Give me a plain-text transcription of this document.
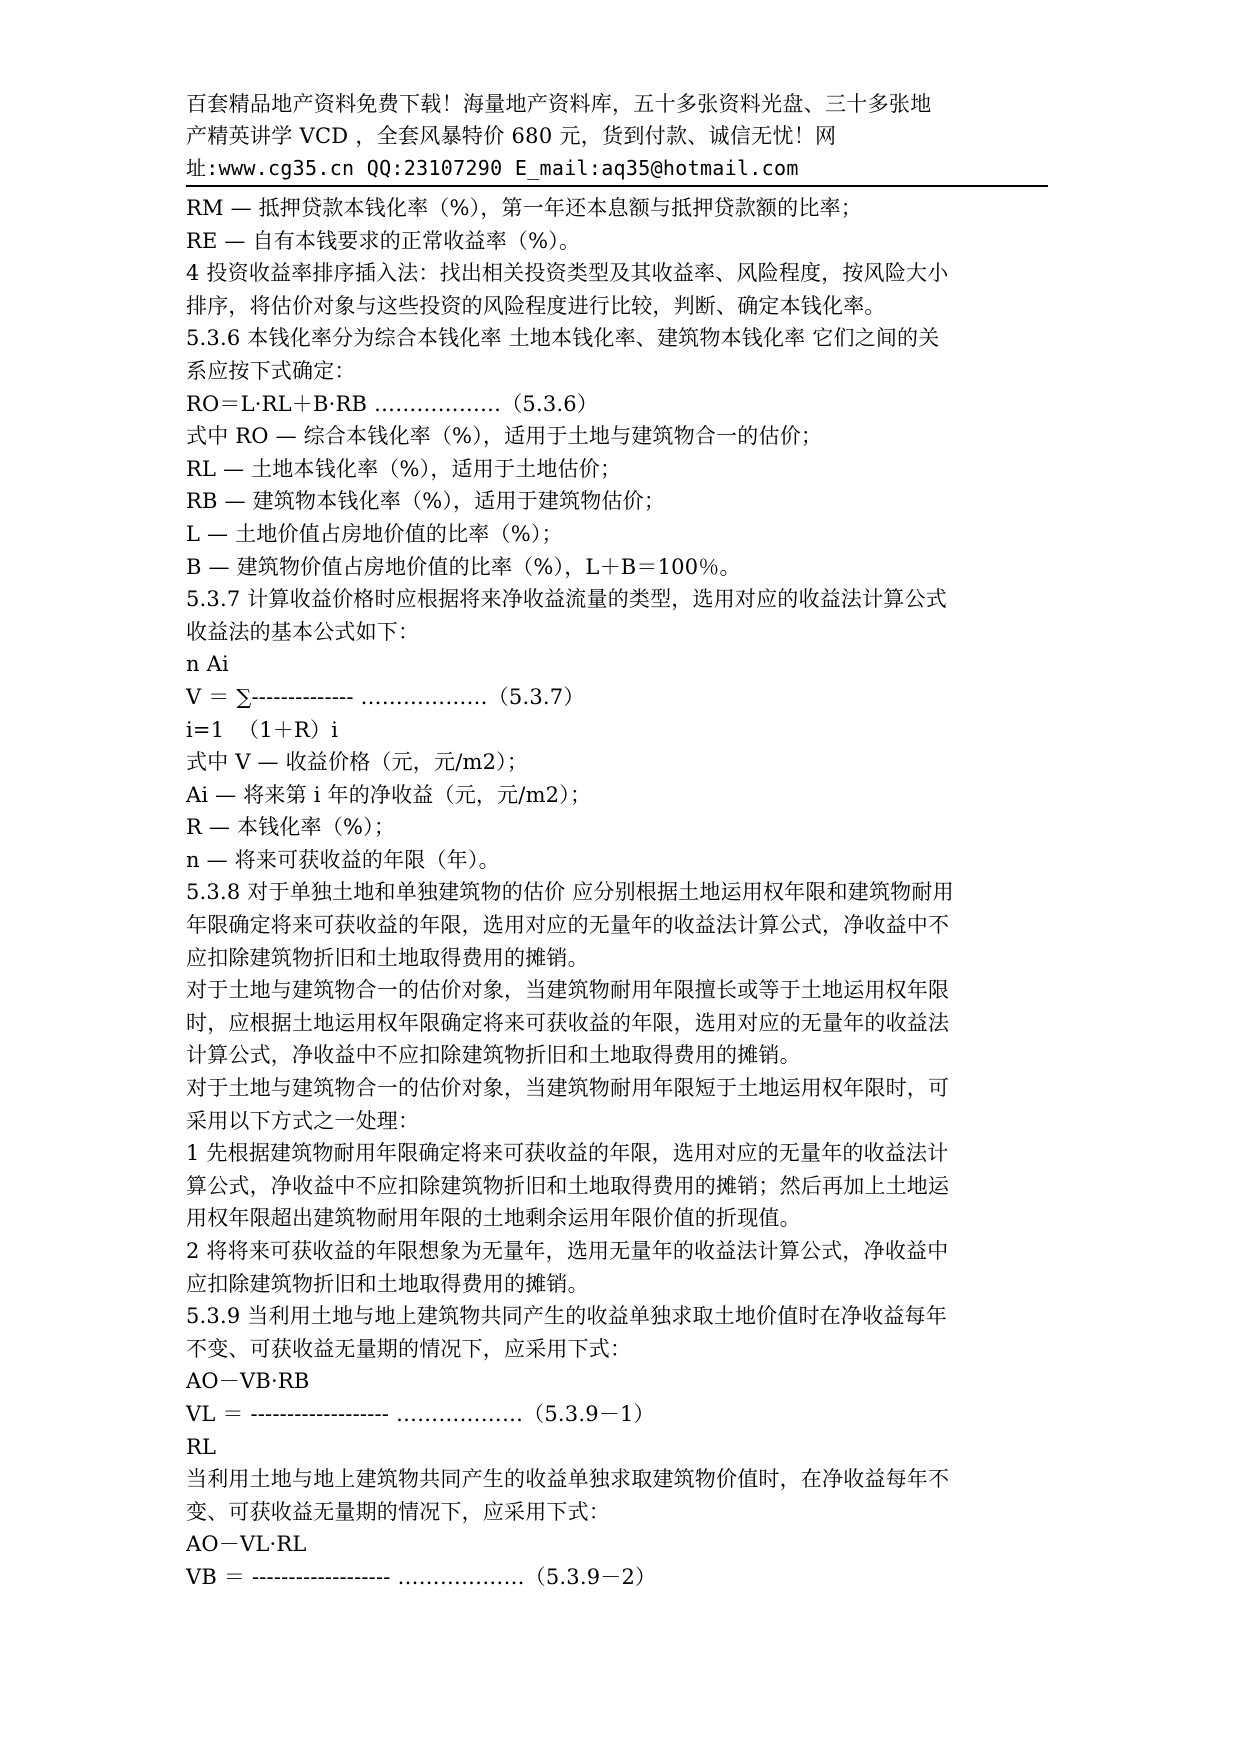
百套精品地产资料免费下载！海量地产资料库，五十多张资料光盘、三十多张地
产精英讲学 VCD ，全套风暴特价 680 元，货到付款、诚信无忧！网
址:www.cg35.cn QQ:23107290 E_mail:aq35@hotmail.com
RM — 抵押贷款本钱化率（%），第一年还本息额与抵押贷款额的比率；
RE — 自有本钱要求的正常收益率（%）。
4 投资收益率排序插入法：找出相关投资类型及其收益率、风险程度，按风险大小
排序，将估价对象与这些投资的风险程度进行比较，判断、确定本钱化率。
5.3.6 本钱化率分为综合本钱化率 土地本钱化率、建筑物本钱化率 它们之间的关
系应按下式确定：
RO＝L·RL＋B·RB ………………（5.3.6）
式中 RO — 综合本钱化率（%），适用于土地与建筑物合一的估价；
RL — 土地本钱化率（%），适用于土地估价；
RB — 建筑物本钱化率（%），适用于建筑物估价；
L — 土地价值占房地价值的比率（%）；
B — 建筑物价值占房地价值的比率（%），L＋B＝100％。
5.3.7 计算收益价格时应根据将来净收益流量的类型，选用对应的收益法计算公式
收益法的基本公式如下：
n Ai
V ＝ ∑-------------- ………………（5.3.7）
i=1  （1＋R）i
式中 V — 收益价格（元，元/m2）；
Ai — 将来第 i 年的净收益（元，元/m2）；
R — 本钱化率（%）；
n — 将来可获收益的年限（年）。
5.3.8 对于单独土地和单独建筑物的估价 应分别根据土地运用权年限和建筑物耐用
年限确定将来可获收益的年限，选用对应的无量年的收益法计算公式，净收益中不
应扣除建筑物折旧和土地取得费用的摊销。
对于土地与建筑物合一的估价对象，当建筑物耐用年限擅长或等于土地运用权年限
时，应根据土地运用权年限确定将来可获收益的年限，选用对应的无量年的收益法
计算公式，净收益中不应扣除建筑物折旧和土地取得费用的摊销。
对于土地与建筑物合一的估价对象，当建筑物耐用年限短于土地运用权年限时，可
采用以下方式之一处理：
1 先根据建筑物耐用年限确定将来可获收益的年限，选用对应的无量年的收益法计
算公式，净收益中不应扣除建筑物折旧和土地取得费用的摊销；然后再加上土地运
用权年限超出建筑物耐用年限的土地剩余运用年限价值的折现值。
2 将将来可获收益的年限想象为无量年，选用无量年的收益法计算公式，净收益中
应扣除建筑物折旧和土地取得费用的摊销。
5.3.9 当利用土地与地上建筑物共同产生的收益单独求取土地价值时在净收益每年
不变、可获收益无量期的情况下，应采用下式：
AO－VB·RB
VL ＝ ------------------- ………………（5.3.9－1）
RL
当利用土地与地上建筑物共同产生的收益单独求取建筑物价值时，在净收益每年不
变、可获收益无量期的情况下，应采用下式：
AO－VL·RL
VB ＝ ------------------- ………………（5.3.9－2）
